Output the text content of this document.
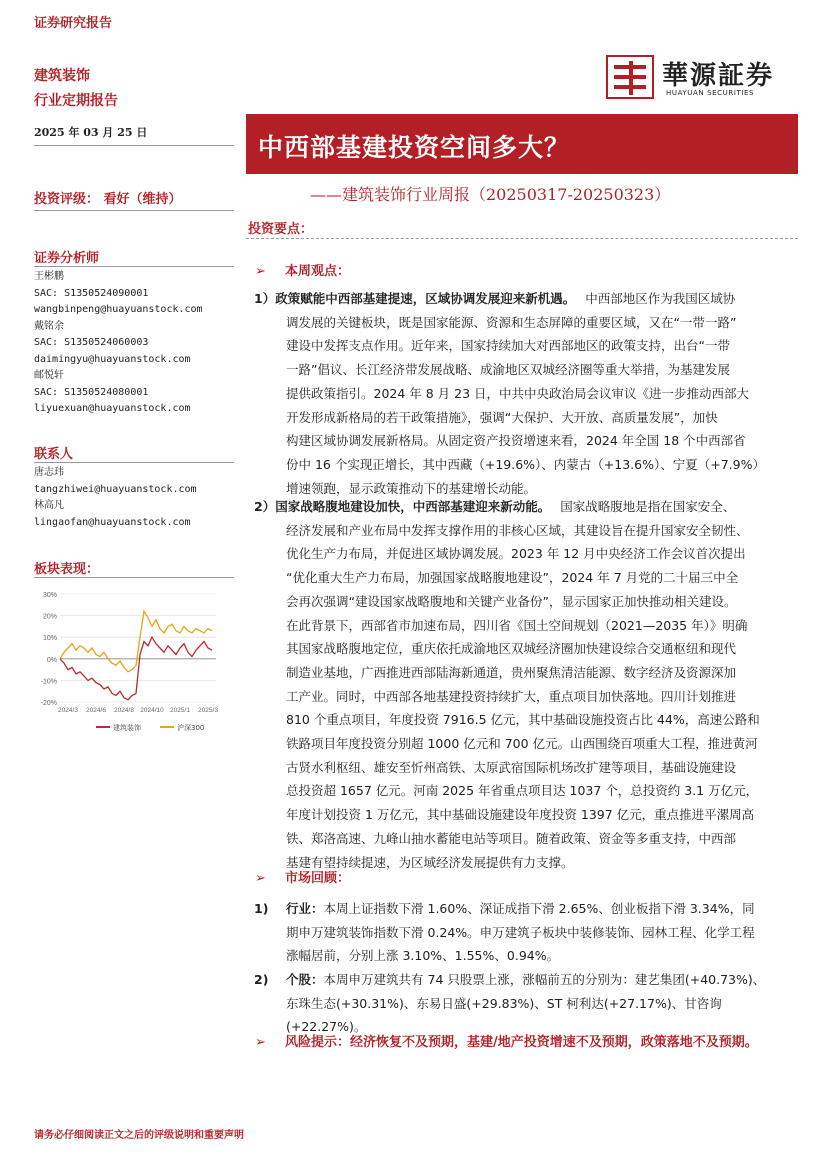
证券研究报告
建筑装饰
行业定期报告
華源証券
HUAYUAN SECURITIES
2025 年 03 月 25 日
中西部基建投资空间多大？
——建筑装饰行业周报（20250317-20250323）
投资评级： 看好（维持）
证券分析师
王彬鹏
SAC: S1350524090001
wangbinpeng@huayuanstock.com
戴铭余
SAC: S1350524060003
daimingyu@huayuanstock.com
邮悦轩
SAC: S1350524080001
liyuexuan@huayuanstock.com
联系人
唐志玮
tangzhiwei@huayuanstock.com
林高凡
lingaofan@huayuanstock.com
板块表现：
30%
20%
10%
0%
-10%
-20%
2024/3 2024/6 2024/8 2024/10 2025/1 2025/3
建筑装饰	沪深300
投资要点：
➢ 本周观点：
1）政策赋能中西部基建提速，区域协调发展迎来新机遇。 中西部地区作为我国区域协
调发展的关键板块，既是国家能源、资源和生态屏障的重要区域，又在“一带一路”
建设中发挥支点作用。近年来，国家持续加大对西部地区的政策支持，出台“一带
一路”倡议、长江经济带发展战略、成渝地区双城经济圈等重大举措，为基建发展
提供政策指引。2024 年 8 月 23 日，中共中央政治局会议审议《进一步推动西部大
开发形成新格局的若干政策措施》，强调“大保护、大开放、高质量发展”，加快
构建区域协调发展新格局。从固定资产投资增速来看，2024 年全国 18 个中西部省
份中 16 个实现正增长，其中西藏（+19.6%）、内蒙古（+13.6%）、宁夏（+7.9%）
增速领跑，显示政策推动下的基建增长动能。
2）国家战略腹地建设加快，中西部基建迎来新动能。 国家战略腹地是指在国家安全、
经济发展和产业布局中发挥支撑作用的非核心区域，其建设旨在提升国家安全韧性、
优化生产力布局，并促进区域协调发展。2023 年 12 月中央经济工作会议首次提出
“优化重大生产力布局，加强国家战略腹地建设”，2024 年 7 月党的二十届三中全
会再次强调“建设国家战略腹地和关键产业备份”，显示国家正加快推动相关建设。
在此背景下，西部省市加速布局，四川省《国土空间规划（2021—2035 年）》明确
其国家战略腹地定位，重庆依托成渝地区双城经济圈加快建设综合交通枢纽和现代
制造业基地，广西推进西部陆海新通道，贵州聚焦清洁能源、数字经济及资源深加
工产业。同时，中西部各地基建投资持续扩大，重点项目加快落地。四川计划推进
810 个重点项目，年度投资 7916.5 亿元，其中基础设施投资占比 44%，高速公路和
铁路项目年度投资分别超 1000 亿元和 700 亿元。山西围绕百项重大工程，推进黄河
古贤水利枢纽、雄安至忻州高铁、太原武宿国际机场改扩建等项目，基础设施建设
总投资超 1657 亿元。河南 2025 年省重点项目达 1037 个，总投资约 3.1 万亿元，
年度计划投资 1 万亿元，其中基础设施建设年度投资 1397 亿元，重点推进平漯周高
铁、郑洛高速、九峰山抽水蓄能电站等项目。随着政策、资金等多重支持，中西部
基建有望持续提速，为区域经济发展提供有力支撑。
➢ 市场回顾：
1) 行业：本周上证指数下滑 1.60%、深证成指下滑 2.65%、创业板指下滑 3.34%，同
期申万建筑装饰指数下滑 0.24%。申万建筑子板块中装修装饰、园林工程、化学工程
涨幅居前，分别上涨 3.10%、1.55%、0.94%。
2) 个股：本周申万建筑共有 74 只股票上涨，涨幅前五的分别为：建艺集团(+40.73%)、
东珠生态(+30.31%)、东易日盛(+29.83%)、ST 柯利达(+27.17%)、甘咨询(+22.27%)。
➢ 风险提示：经济恢复不及预期，基建/地产投资增速不及预期，政策落地不及预期。
请务必仔细阅读正文之后的评级说明和重要声明
